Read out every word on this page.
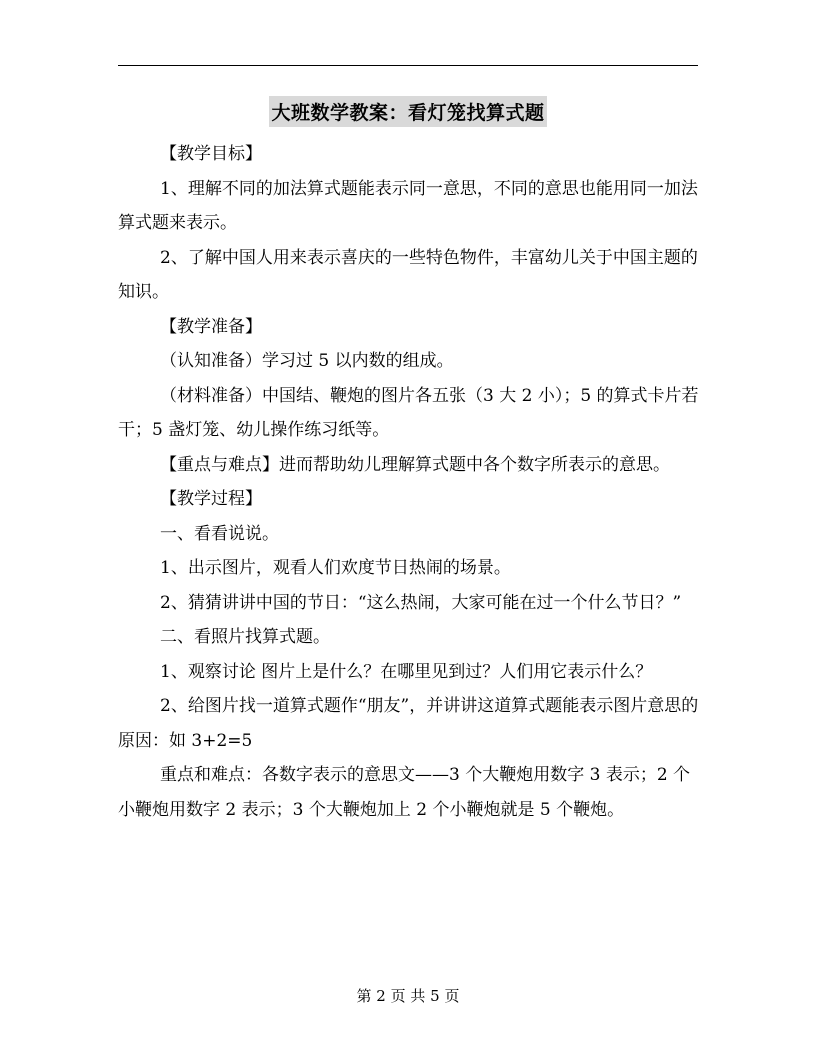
大班数学教案：看灯笼找算式题

【教学目标】

1、理解不同的加法算式题能表示同一意思，不同的意思也能用同一加法算式题来表示。

2、了解中国人用来表示喜庆的一些特色物件，丰富幼儿关于中国主题的知识。

【教学准备】

（认知准备）学习过 5 以内数的组成。

（材料准备）中国结、鞭炮的图片各五张（3 大 2 小）；5 的算式卡片若干；5 盏灯笼、幼儿操作练习纸等。

【重点与难点】进而帮助幼儿理解算式题中各个数字所表示的意思。

【教学过程】

一、看看说说。

1、出示图片，观看人们欢度节日热闹的场景。

2、猜猜讲讲中国的节日：“这么热闹，大家可能在过一个什么节日？”

二、看照片找算式题。

1、观察讨论 图片上是什么？在哪里见到过？人们用它表示什么？

2、给图片找一道算式题作“朋友”，并讲讲这道算式题能表示图片意思的原因：如 3+2=5

重点和难点：各数字表示的意思文——3 个大鞭炮用数字 3 表示；2 个小鞭炮用数字 2 表示；3 个大鞭炮加上 2 个小鞭炮就是 5 个鞭炮。

第 2 页 共 5 页
